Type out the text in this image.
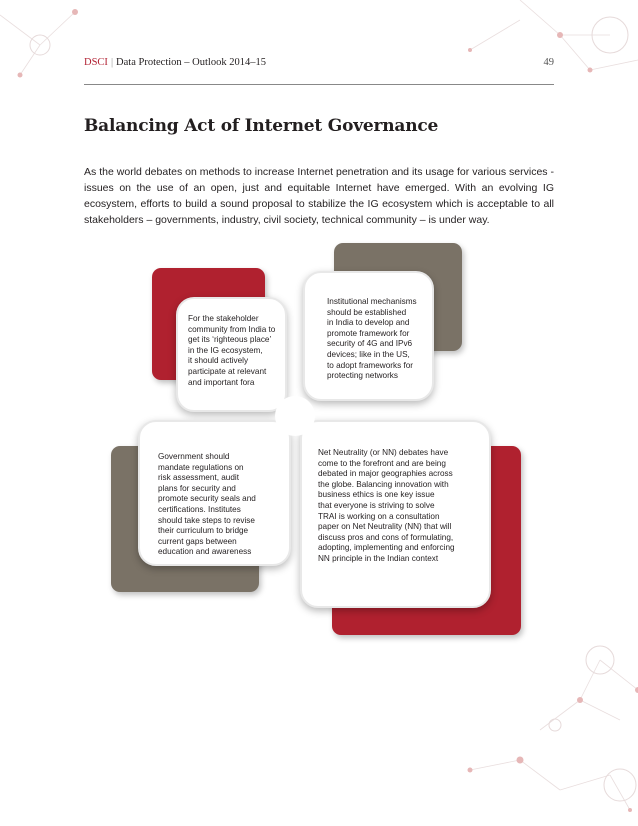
DSCI | Data Protection – Outlook 2014–15	49
Balancing Act of Internet Governance

As the world debates on methods to increase Internet penetration and its usage for various services - issues on the use of an open, just and equitable Internet have emerged. With an evolving IG ecosystem, efforts to build a sound proposal to stabilize the IG ecosystem which is acceptable to all stakeholders – governments, industry, civil society, technical community – is under way.

For the stakeholder
community from India to
get its ‘righteous place’
in the IG ecosystem,
it should actively
participate at relevant
and important fora

Institutional mechanisms
should be established
in India to develop and
promote framework for
security of 4G and IPv6
devices; like in the US,
to adopt frameworks for
protecting networks

Government should
mandate regulations on
risk assessment, audit
plans for security and
promote security seals and
certifications. Institutes
should take steps to revise
their curriculum to bridge
current gaps between
education and awareness

Net Neutrality (or NN) debates have
come to the forefront and are being
debated in major geographies across
the globe. Balancing innovation with
business ethics is one key issue
that everyone is striving to solve
TRAI is working on a consultation
paper on Net Neutrality (NN) that will
discuss pros and cons of formulating,
adopting, implementing and enforcing
NN principle in the Indian context
